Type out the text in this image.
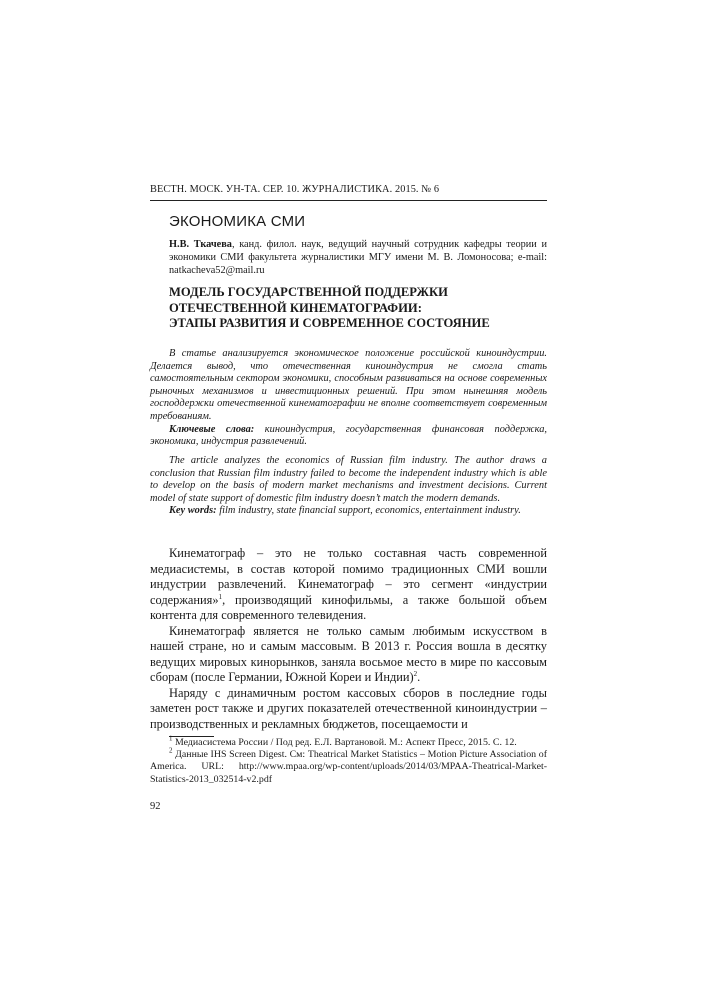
ВЕСТН. МОСК. УН-ТА. СЕР. 10. ЖУРНАЛИСТИКА. 2015. № 6
ЭКОНОМИКА СМИ
Н.В. Ткачева, канд. филол. наук, ведущий научный сотрудник кафедры теории и экономики СМИ факультета журналистики МГУ имени М. В. Ломоносова; e-mail: natkacheva52@mail.ru
МОДЕЛЬ ГОСУДАРСТВЕННОЙ ПОДДЕРЖКИ
ОТЕЧЕСТВЕННОЙ КИНЕМАТОГРАФИИ:
ЭТАПЫ РАЗВИТИЯ И СОВРЕМЕННОЕ СОСТОЯНИЕ

В статье анализируется экономическое положение российской киноиндустрии. Делается вывод, что отечественная киноиндустрия не смогла стать самостоятельным сектором экономики, способным развиваться на основе современных рыночных механизмов и инвестиционных решений. При этом нынешняя модель господдержки отечественной кинематографии не вполне соответствует современным требованиям.

Ключевые слова: киноиндустрия, государственная финансовая поддержка, экономика, индустрия развлечений.

The article analyzes the economics of Russian film industry. The author draws a conclusion that Russian film industry failed to become the independent industry which is able to develop on the basis of modern market mechanisms and investment decisions. Current model of state support of domestic film industry doesn’t match the modern demands.

Key words: film industry, state financial support, economics, entertainment industry.

Кинематограф – это не только составная часть современной медиасистемы, в состав которой помимо традиционных СМИ вошли индустрии развлечений. Кинематограф – это сегмент «индустрии содержания»$^1$, производящий кинофильмы, а также большой объем контента для современного телевидения.

Кинематограф является не только самым любимым искусством в нашей стране, но и самым массовым. В 2013 г. Россия вошла в десятку ведущих мировых кинорынков, заняла восьмое место в мире по кассовым сборам (после Германии, Южной Кореи и Индии)$^2$.

Наряду с динамичным ростом кассовых сборов в последние годы заметен рост также и других показателей отечественной киноиндустрии – производственных и рекламных бюджетов, посещаемости и

$^1$ Медиасистема России / Под ред. Е.Л. Вартановой. М.: Аспект Пресс, 2015. С. 12.

$^2$ Данные IHS Screen Digest. См: Theatrical Market Statistics – Motion Picture Association of America. URL: http://www.mpaa.org/wp-content/uploads/2014/03/MPAA-Theatrical-Market-Statistics-2013_032514-v2.pdf

92
